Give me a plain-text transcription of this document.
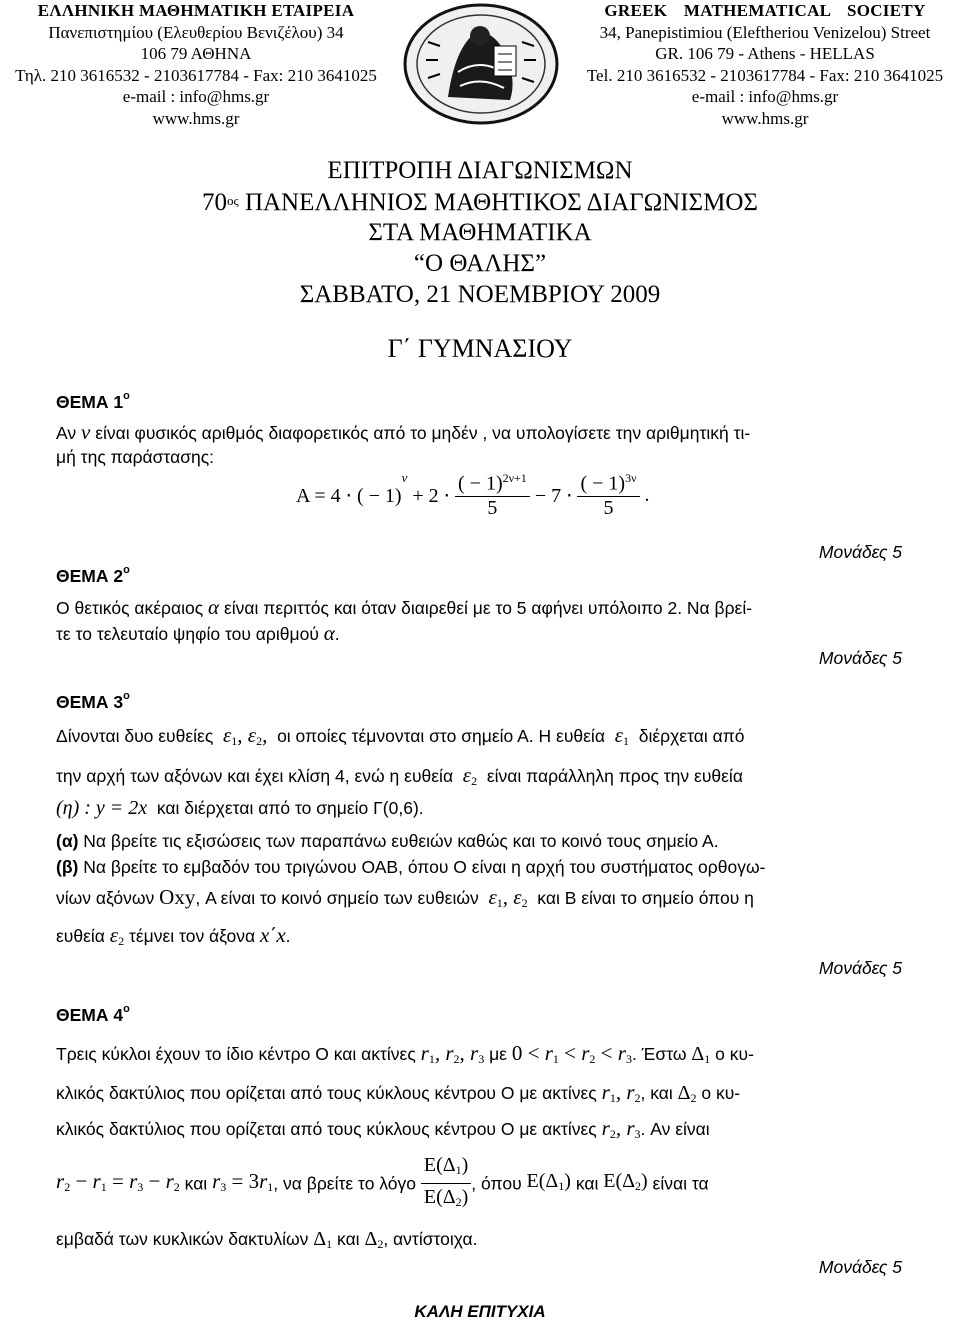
ΕΛΛΗΝΙΚΗ ΜΑΘΗΜΑΤΙΚΗ ΕΤΑΙΡΕΙΑ
Πανεπιστημίου (Ελευθερίου Βενιζέλου) 34
106 79 ΑΘΗΝΑ
Τηλ. 210 3616532 - 2103617784 - Fax: 210 3641025
e-mail : info@hms.gr
www.hms.gr
GREEK MATHEMATICAL SOCIETY
34, Panepistimiou (Εleftheriou Venizelou) Street
GR. 106 79 - Athens - HELLAS
Tel. 210 3616532 - 2103617784 - Fax: 210 3641025
e-mail : info@hms.gr
www.hms.gr
ΕΠΙΤΡΟΠΗ ΔΙΑΓΩΝΙΣΜΩΝ
$70^{o\varsigma}$ ΠΑΝΕΛΛΗΝΙΟΣ ΜΑΘΗΤΙΚΟΣ ΔΙΑΓΩΝΙΣΜΟΣ
ΣΤΑ ΜΑΘΗΜΑΤΙΚΑ
“Ο ΘΑΛΗΣ”
ΣΑΒΒΑΤΟ, 21 ΝΟΕΜΒΡΙΟΥ 2009
Γ΄ ΓΥΜΝΑΣΙΟΥ
ΘΕΜΑ $1^o$
Αν ν είναι φυσικός αριθμός διαφορετικός από το μηδέν , να υπολογίσετε την αριθμητική τι-
μή της παράστασης:
Α = 4 ⋅ ( − $1)^\nu + 2 \cdot \frac{( - 1)^{2\nu+1}}{5} - 7 \cdot \frac{( - 1)^{3\nu}}{5}$ .
Μονάδες 5
ΘΕΜΑ $2^o$
Ο θετικός ακέραιος α είναι περιττός και όταν διαιρεθεί με το 5 αφήνει υπόλοιπο 2. Να βρεί-
τε το τελευταίο ψηφίο του αριθμού α.
Μονάδες 5
ΘΕΜΑ $3^o$
Δίνονται δυο ευθείες $\varepsilon_1$, $\varepsilon_2$, οι οποίες τέμνονται στο σημείο Α. Η ευθεία $\varepsilon_1$ διέρχεται από
την αρχή των αξόνων και έχει κλίση 4, ενώ η ευθεία $\varepsilon_2$ είναι παράλληλη προς την ευθεία
(η) : y = 2x και διέρχεται από το σημείο Γ(0,6).
(α) Να βρείτε τις εξισώσεις των παραπάνω ευθειών καθώς και το κοινό τους σημείο Α.
(β) Να βρείτε το εμβαδόν του τριγώνου ΟΑΒ, όπου Ο είναι η αρχή του συστήματος ορθογω-
νίων αξόνων Oxy, Α είναι το κοινό σημείο των ευθειών $\varepsilon_1$, $\varepsilon_2$ και Β είναι το σημείο όπου η
ευθεία $\varepsilon_2$ τέμνει τον άξονα x΄x.
Μονάδες 5
ΘΕΜΑ $4^o$
Τρεις κύκλοι έχουν το ίδιο κέντρο Ο και ακτίνες $r_1$, $r_2$, $r_3$ με $0 < r_1 < r_2 < r_3$. Έστω $\Delta_1$ ο κυ-
κλικός δακτύλιος που ορίζεται από τους κύκλους κέντρου Ο με ακτίνες $r_1$, $r_2$, και $\Delta_2$ ο κυ-
κλικός δακτύλιος που ορίζεται από τους κύκλους κέντρου Ο με ακτίνες $r_2$, $r_3$. Αν είναι
$r_2 - r_1 = r_3 - r_2$ και $r_3 = 3r_1$, να βρείτε το λόγο $\frac{E(\Delta_1)}{E(\Delta_2)}$ , όπου $E(\Delta_1)$ και $E(\Delta_2)$ είναι τα
εμβαδά των κυκλικών δακτυλίων $\Delta_1$ και $\Delta_2$, αντίστοιχα.
Μονάδες 5
ΚΑΛΗ ΕΠΙΤΥΧΙΑ
